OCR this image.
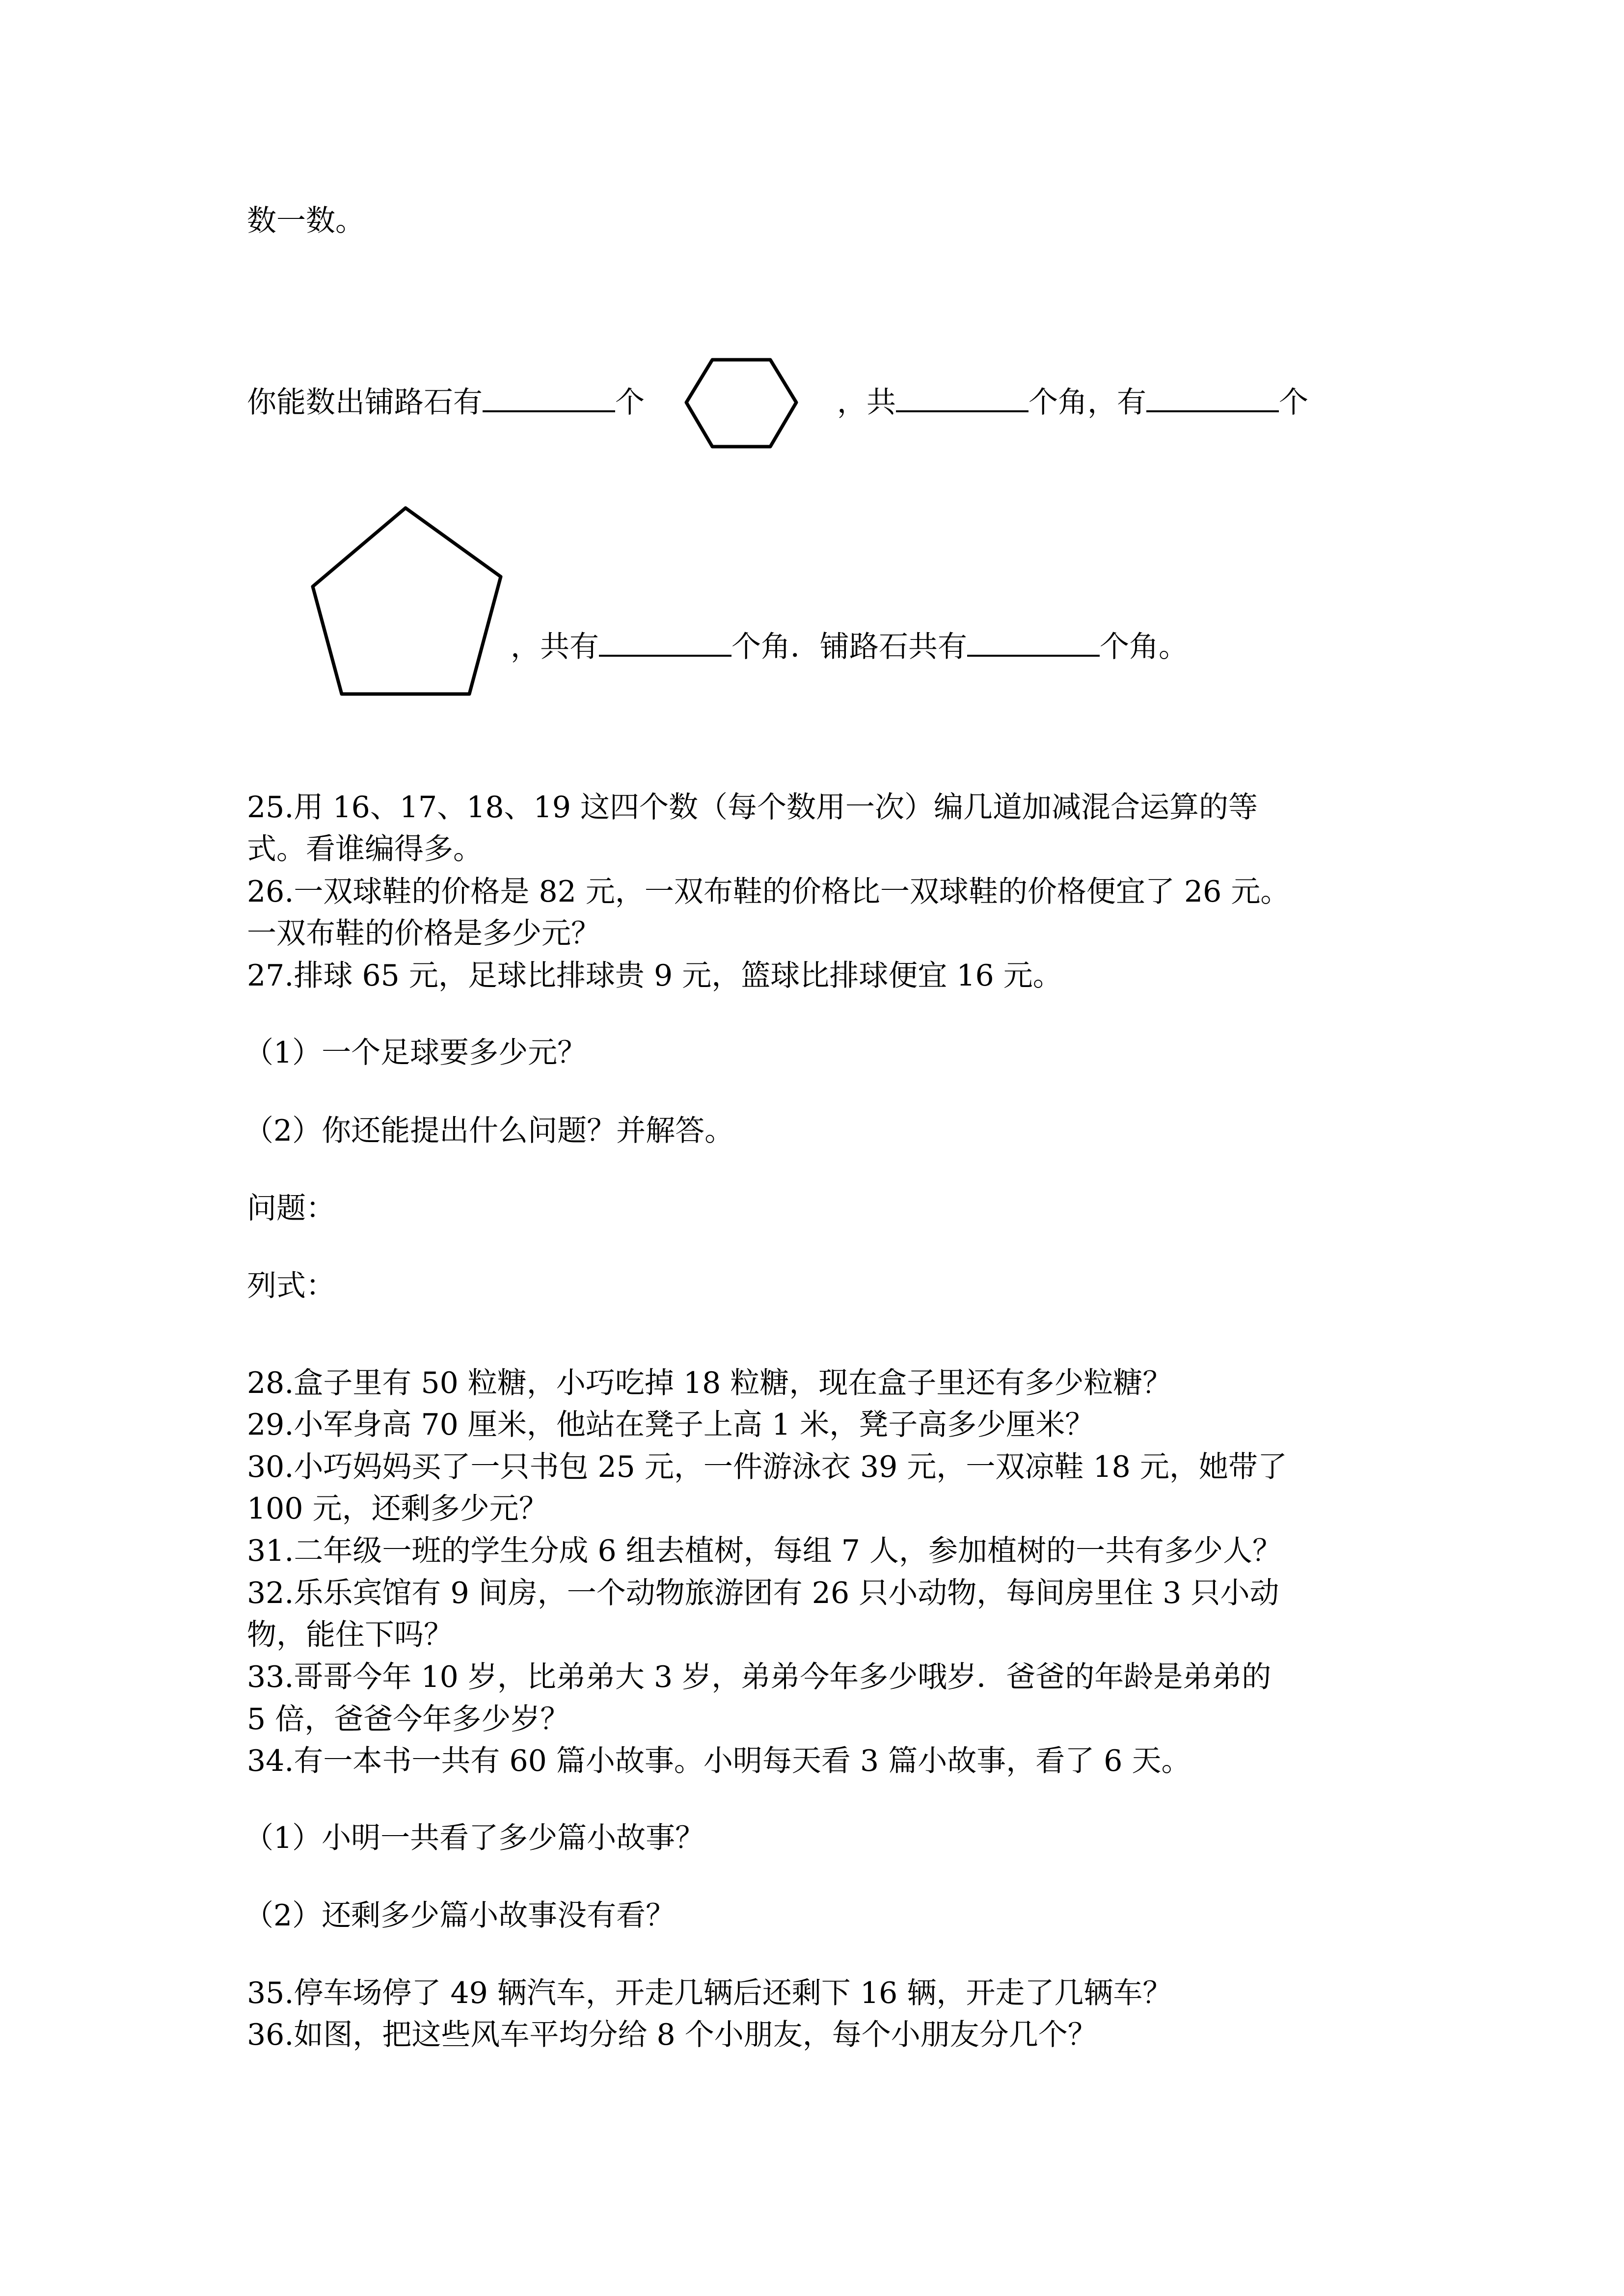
数一数。

你能数出铺路石有	个	，共	个角，有	个

，共有	个角．铺路石共有	个角。

25.用 16、17、18、19 这四个数（每个数用一次）编几道加减混合运算的等

式。看谁编得多。

26.一双球鞋的价格是 82 元，一双布鞋的价格比一双球鞋的价格便宜了 26 元。

一双布鞋的价格是多少元？

27.排球 65 元，足球比排球贵 9 元，篮球比排球便宜 16 元。

（1）一个足球要多少元？

（2）你还能提出什么问题？并解答。

问题：

列式：

28.盒子里有 50 粒糖，小巧吃掉 18 粒糖，现在盒子里还有多少粒糖？

29.小军身高 70 厘米，他站在凳子上高 1 米，凳子高多少厘米？

30.小巧妈妈买了一只书包 25 元，一件游泳衣 39 元，一双凉鞋 18 元，她带了

100 元，还剩多少元？

31.二年级一班的学生分成 6 组去植树，每组 7 人，参加植树的一共有多少人？

32.乐乐宾馆有 9 间房，一个动物旅游团有 26 只小动物，每间房里住 3 只小动

物，能住下吗？

33.哥哥今年 10 岁，比弟弟大 3 岁，弟弟今年多少哦岁．爸爸的年龄是弟弟的

5 倍，爸爸今年多少岁？

34.有一本书一共有 60 篇小故事。小明每天看 3 篇小故事，看了 6 天。

（1）小明一共看了多少篇小故事？

（2）还剩多少篇小故事没有看？

35.停车场停了 49 辆汽车，开走几辆后还剩下 16 辆，开走了几辆车？

36.如图，把这些风车平均分给 8 个小朋友，每个小朋友分几个？
